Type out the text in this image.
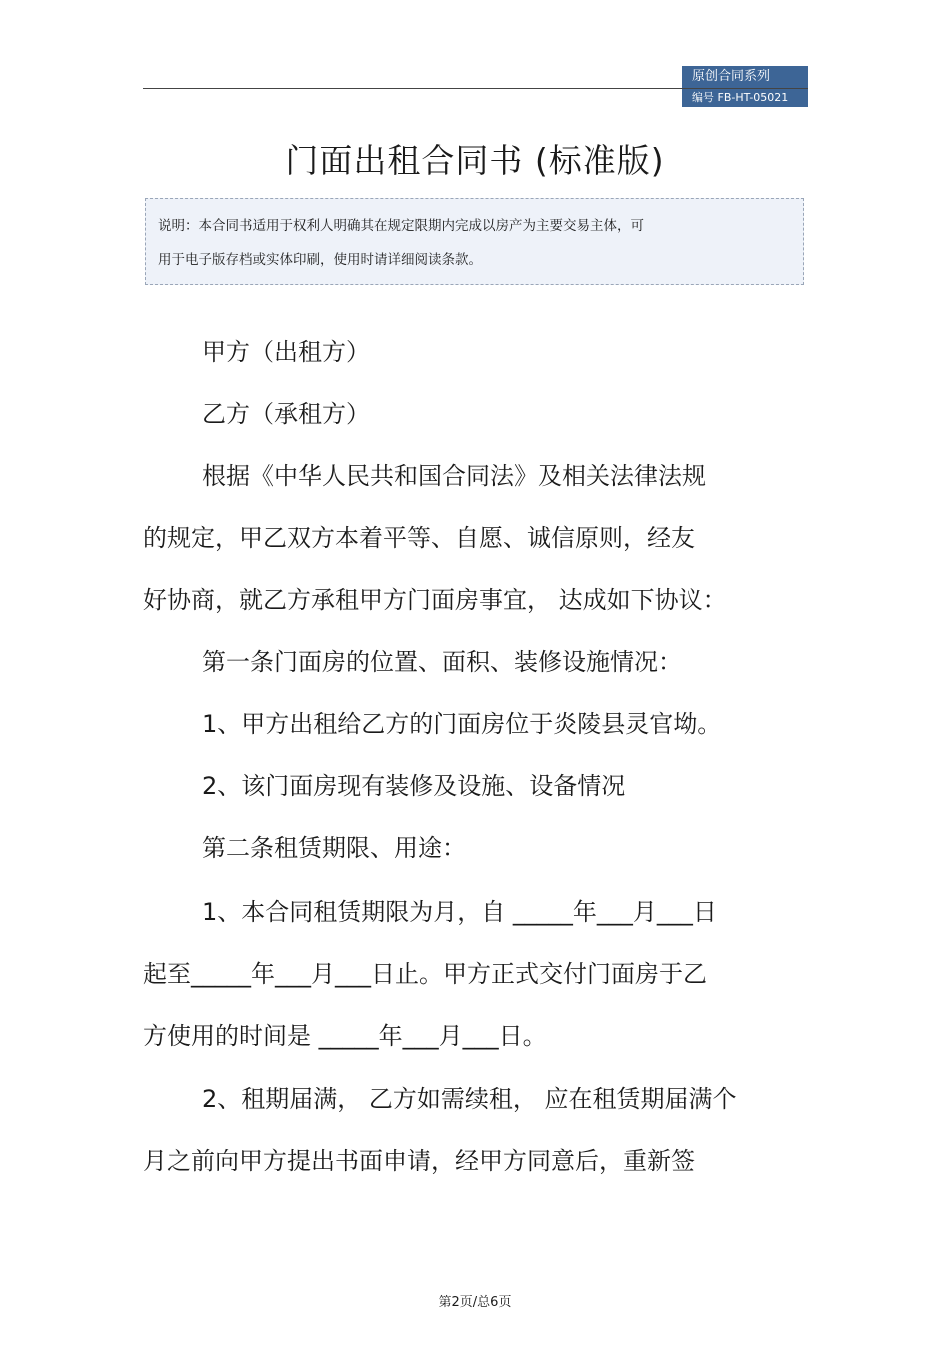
原创合同系列
编号 FB-HT-05021
门面出租合同书 (标准版)
说明：本合同书适用于权利人明确其在规定限期内完成以房产为主要交易主体，可
用于电子版存档或实体印刷，使用时请详细阅读条款。
甲方（出租方）
乙方（承租方）
根据《中华人民共和国合同法》及相关法律法规
的规定，甲乙双方本着平等、自愿、诚信原则，经友
好协商，就乙方承租甲方门面房事宜， 达成如下协议：
第一条门面房的位置、面积、装修设施情况：
1、甲方出租给乙方的门面房位于炎陵县灵官坳。
2、该门面房现有装修及设施、设备情况
第二条租赁期限、用途：
1、本合同租赁期限为月，自 _____年___月___日
起至_____年___月___日止。甲方正式交付门面房于乙
方使用的时间是 _____年___月___日。
2、租期届满， 乙方如需续租， 应在租赁期届满个
月之前向甲方提出书面申请，经甲方同意后，重新签
第2页/总6页
